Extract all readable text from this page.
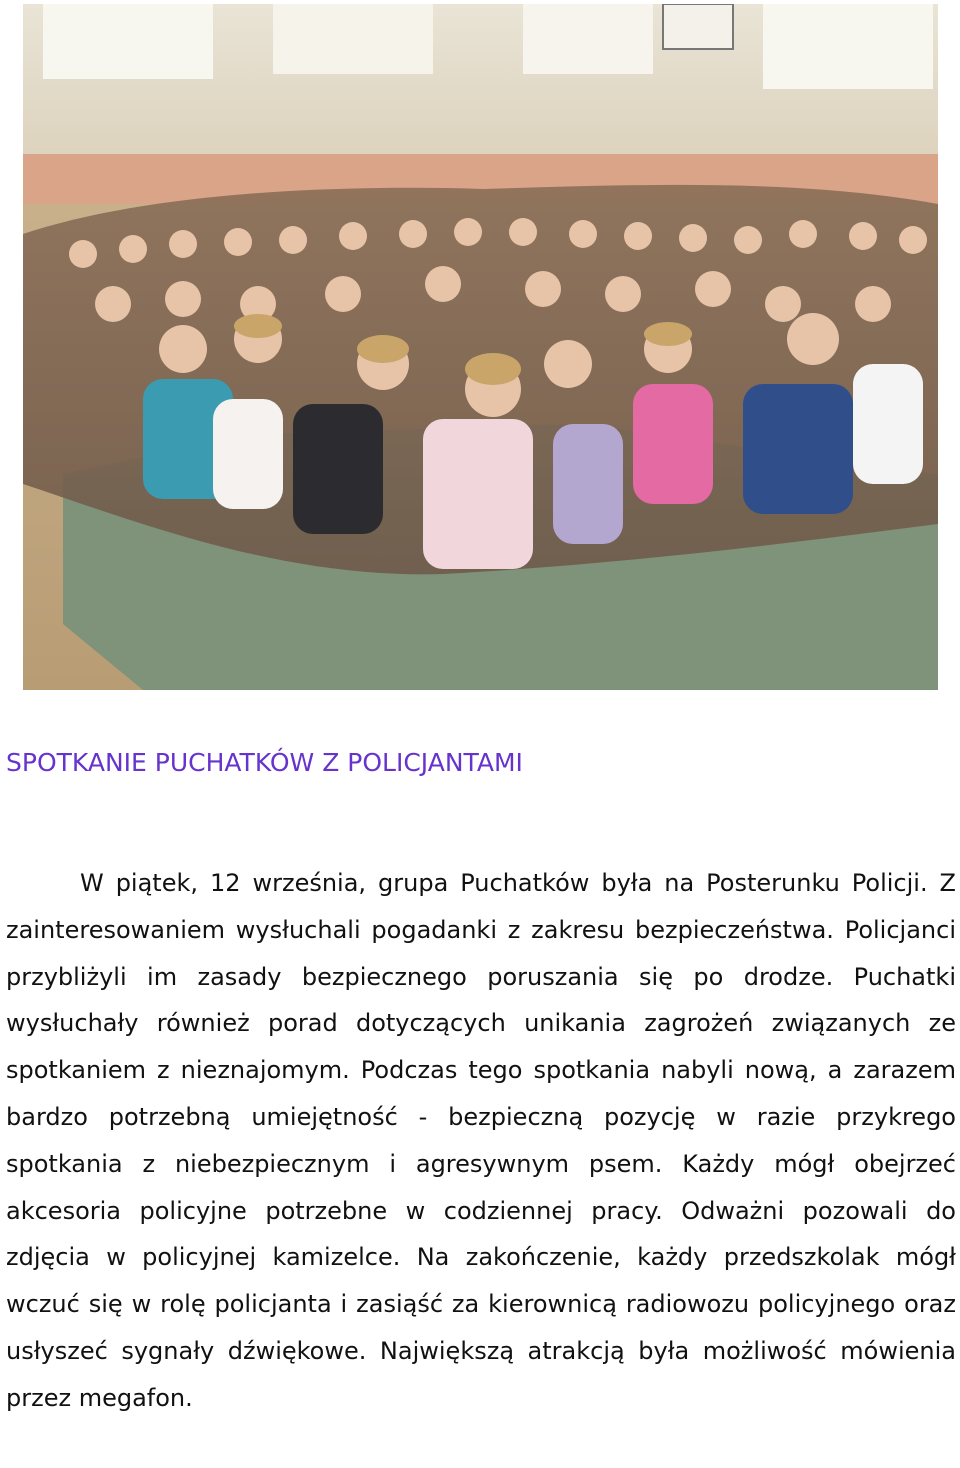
SPOTKANIE PUCHATKÓW Z POLICJANTAMI

W piątek, 12 września, grupa Puchatków była na Posterunku Policji. Z zainteresowaniem wysłuchali pogadanki z zakresu bezpieczeństwa. Policjanci przybliżyli im zasady bezpiecznego poruszania się po drodze. Puchatki wysłuchały również porad dotyczących unikania zagrożeń związanych ze spotkaniem z nieznajomym. Podczas tego spotkania nabyli nową, a zarazem bardzo potrzebną umiejętność - bezpieczną pozycję w razie przykrego spotkania z niebezpiecznym i agresywnym psem. Każdy mógł obejrzeć akcesoria policyjne potrzebne w codziennej pracy. Odważni pozowali do zdjęcia w policyjnej kamizelce. Na zakończenie, każdy przedszkolak mógł wczuć się w rolę policjanta i zasiąść za kierownicą radiowozu policyjnego oraz usłyszeć sygnały dźwiękowe. Największą atrakcją była możliwość mówienia przez megafon.
